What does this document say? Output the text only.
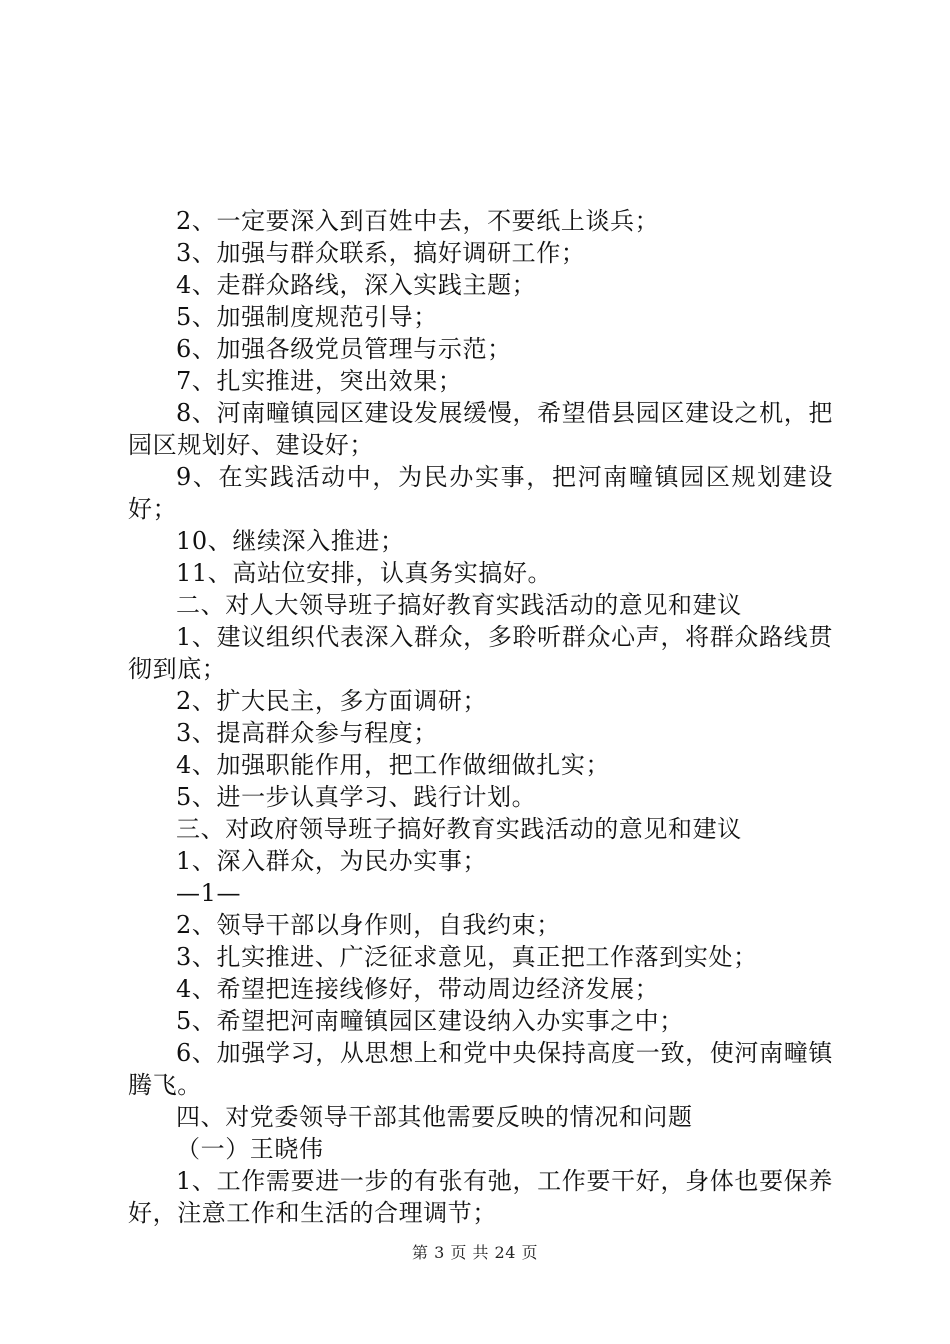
2、一定要深入到百姓中去，不要纸上谈兵；

3、加强与群众联系，搞好调研工作；

4、走群众路线，深入实践主题；

5、加强制度规范引导；

6、加强各级党员管理与示范；

7、扎实推进，突出效果；

8、河南疃镇园区建设发展缓慢，希望借县园区建设之机，把园区规划好、建设好；

9、在实践活动中，为民办实事，把河南疃镇园区规划建设好；

10、继续深入推进；

11、高站位安排，认真务实搞好。

二、对人大领导班子搞好教育实践活动的意见和建议

1、建议组织代表深入群众，多聆听群众心声，将群众路线贯彻到底；

2、扩大民主，多方面调研；

3、提高群众参与程度；

4、加强职能作用，把工作做细做扎实；

5、进一步认真学习、践行计划。

三、对政府领导班子搞好教育实践活动的意见和建议

1、深入群众，为民办实事；

—1—

2、领导干部以身作则，自我约束；

3、扎实推进、广泛征求意见，真正把工作落到实处；

4、希望把连接线修好，带动周边经济发展；

5、希望把河南疃镇园区建设纳入办实事之中；

6、加强学习，从思想上和党中央保持高度一致，使河南疃镇腾飞。

四、对党委领导干部其他需要反映的情况和问题

（一）王晓伟

1、工作需要进一步的有张有弛，工作要干好，身体也要保养好，注意工作和生活的合理调节；

第 3 页 共 24 页
